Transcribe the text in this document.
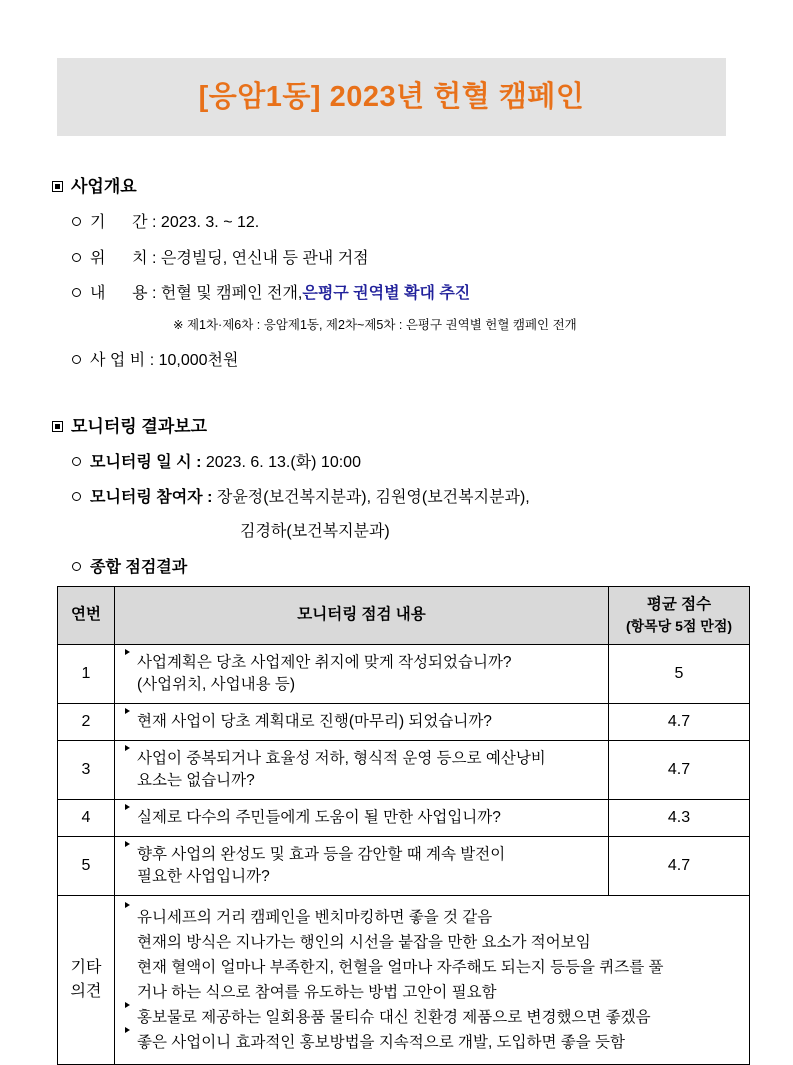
[응암1동] 2023년 헌혈 캠페인
사업개요
기      간 : 2023. 3. ~ 12.
위      치 : 은경빌딩, 연신내 등 관내 거점
내      용 : 헌혈 및 캠페인 전개, 은평구 권역별 확대 추진
※ 제1차·제6차 : 응암제1동, 제2차~제5차 : 은평구 권역별 헌혈 캠페인 전개
사 업 비 : 10,000천원
모니터링 결과보고
모니터링 일 시 : 2023. 6. 13.(화) 10:00
모니터링 참여자 : 장윤정(보건복지분과), 김원영(보건복지분과),
김경하(보건복지분과)
종합 점검결과
연번	모니터링 점검 내용	평균 점수
(항목당 5점 만점)

1	사업계획은 당초 사업제안 취지에 맞게 작성되었습니까?
(사업위치, 사업내용 등)	5
2	현재 사업이 당초 계획대로 진행(마무리) 되었습니까?	4.7
3	사업이 중복되거나 효율성 저하, 형식적 운영 등으로 예산낭비
요소는 없습니까?	4.7
4	실제로 다수의 주민들에게 도움이 될 만한 사업입니까?	4.3
5	향후 사업의 완성도 및 효과 등을 감안할 때 계속 발전이
필요한 사업입니까?	4.7

기타
의견

유니세프의 거리 캠페인을 벤치마킹하면 좋을 것 같음
현재의 방식은 지나가는 행인의 시선을 붙잡을 만한 요소가 적어보임
현재 혈액이 얼마나 부족한지, 헌혈을 얼마나 자주해도 되는지 등등을 퀴즈를 풀
거나 하는 식으로 참여를 유도하는 방법 고안이 필요함
홍보물로 제공하는 일회용품 물티슈 대신 친환경 제품으로 변경했으면 좋겠음
좋은 사업이니 효과적인 홍보방법을 지속적으로 개발, 도입하면 좋을 듯함
